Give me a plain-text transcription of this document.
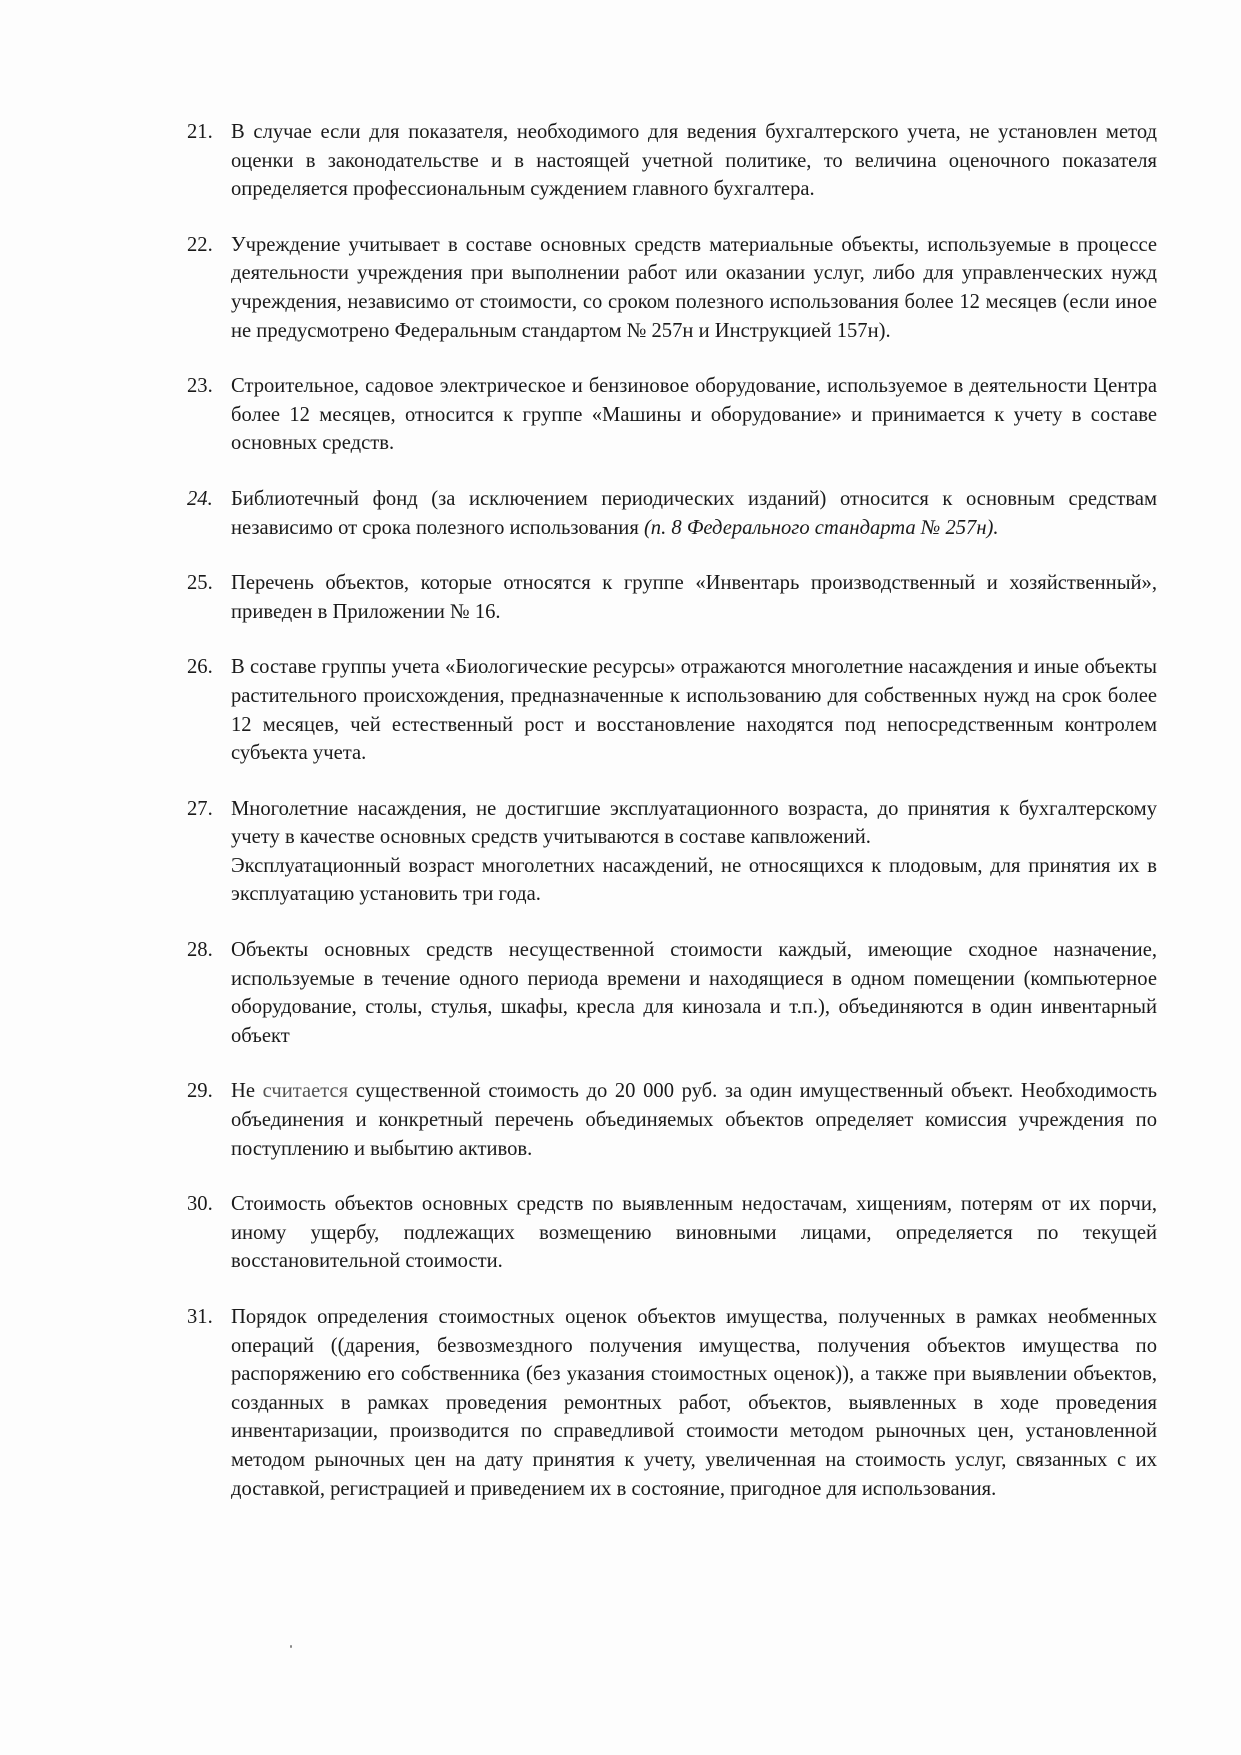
21. В случае если для показателя, необходимого для ведения бухгалтерского учета, не установлен метод оценки в законодательстве и в настоящей учетной политике, то величина оценочного показателя определяется профессиональным суждением главного бухгалтера.
22. Учреждение учитывает в составе основных средств материальные объекты, используемые в процессе деятельности учреждения при выполнении работ или оказании услуг, либо для управленческих нужд учреждения, независимо от стоимости, со сроком полезного использования более 12 месяцев (если иное не предусмотрено Федеральным стандартом № 257н и Инструкцией 157н).
23. Строительное, садовое электрическое и бензиновое оборудование, используемое в деятельности Центра более 12 месяцев, относится к группе «Машины и оборудование» и принимается к учету в составе основных средств.
24. Библиотечный фонд (за исключением периодических изданий) относится к основным средствам независимо от срока полезного использования (п. 8 Федерального стандарта № 257н).
25. Перечень объектов, которые относятся к группе «Инвентарь производственный и хозяйственный», приведен в Приложении № 16.
26. В составе группы учета «Биологические ресурсы» отражаются многолетние насаждения и иные объекты растительного происхождения, предназначенные к использованию для собственных нужд на срок более 12 месяцев, чей естественный рост и восстановление находятся под непосредственным контролем субъекта учета.
27. Многолетние насаждения, не достигшие эксплуатационного возраста, до принятия к бухгалтерскому учету в качестве основных средств учитываются в составе капвложений.
Эксплуатационный возраст многолетних насаждений, не относящихся к плодовым, для принятия их в эксплуатацию установить три года.
28. Объекты основных средств несущественной стоимости каждый, имеющие сходное назначение, используемые в течение одного периода времени и находящиеся в одном помещении (компьютерное оборудование, столы, стулья, шкафы, кресла для кинозала и т.п.), объединяются в один инвентарный объект
29. Не считается существенной стоимость до 20 000 руб. за один имущественный объект. Необходимость объединения и конкретный перечень объединяемых объектов определяет комиссия учреждения по поступлению и выбытию активов.
30. Стоимость объектов основных средств по выявленным недостачам, хищениям, потерям от их порчи, иному ущербу, подлежащих возмещению виновными лицами, определяется по текущей восстановительной стоимости.
31. Порядок определения стоимостных оценок объектов имущества, полученных в рамках необменных операций ((дарения, безвозмездного получения имущества, получения объектов имущества по распоряжению его собственника (без указания стоимостных оценок)), а также при выявлении объектов, созданных в рамках проведения ремонтных работ, объектов, выявленных в ходе проведения инвентаризации, производится по справедливой стоимости методом рыночных цен, установленной методом рыночных цен на дату принятия к учету, увеличенная на стоимость услуг, связанных с их доставкой, регистрацией и приведением их в состояние, пригодное для использования.
